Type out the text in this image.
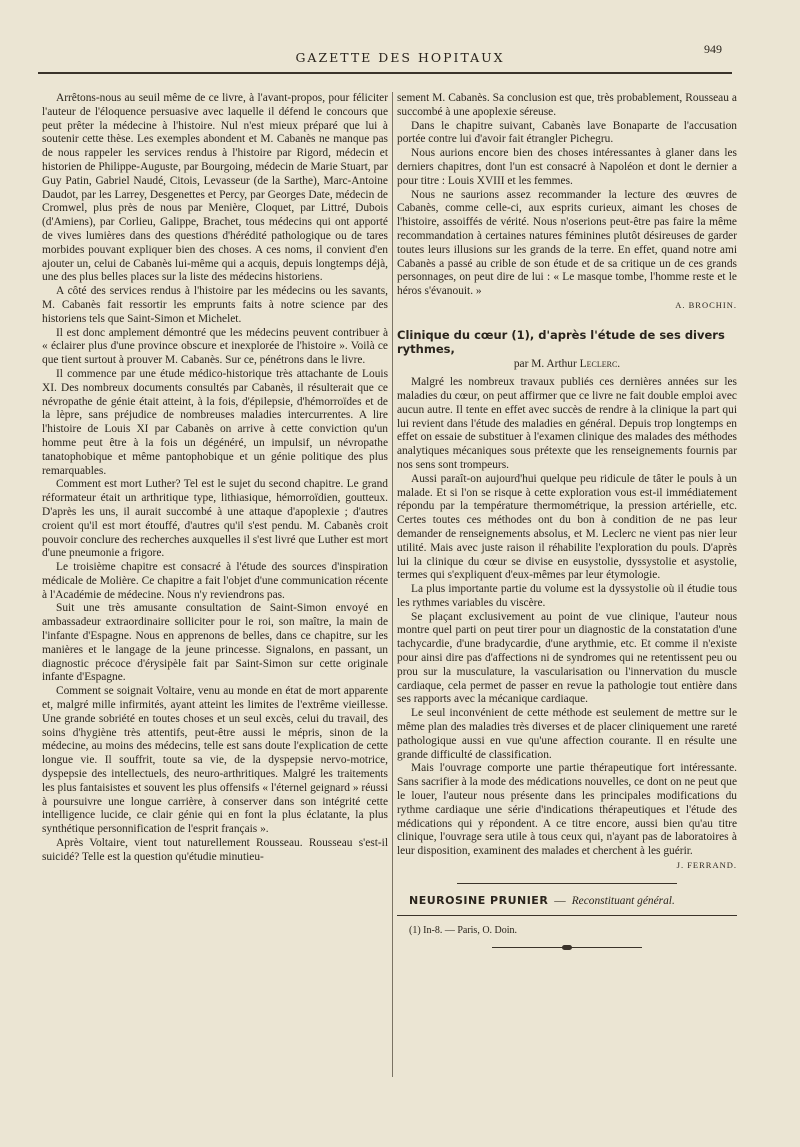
949
GAZETTE DES HOPITAUX

Arrêtons-nous au seuil même de ce livre, à l'avant-propos, pour féliciter l'auteur de l'éloquence persuasive avec laquelle il défend le concours que peut prêter la médecine à l'histoire. Nul n'est mieux préparé que lui à soutenir cette thèse. Les exemples abondent et M. Cabanès ne manque pas de nous rappeler les services rendus à l'histoire par Rigord, médecin et historien de Philippe-Auguste, par Bourgoing, médecin de Marie Stuart, par Guy Patin, Gabriel Naudé, Citois, Levasseur (de la Sarthe), Marc-Antoine Daudot, par les Larrey, Desgenettes et Percy, par Georges Date, médecin de Cromwel, plus près de nous par Menière, Cloquet, par Littré, Dubois (d'Amiens), par Corlieu, Galippe, Brachet, tous médecins qui ont apporté de vives lumières dans des questions d'hérédité pathologique ou de tares morbides pouvant expliquer bien des choses. A ces noms, il convient d'en ajouter un, celui de Cabanès lui-même qui a acquis, depuis longtemps déjà, une des plus belles places sur la liste des médecins historiens.

A côté des services rendus à l'histoire par les médecins ou les savants, M. Cabanès fait ressortir les emprunts faits à notre science par des historiens tels que Saint-Simon et Michelet.

Il est donc amplement démontré que les médecins peuvent contribuer à « éclairer plus d'une province obscure et inexplorée de l'histoire ». Voilà ce que tient surtout à prouver M. Cabanès. Sur ce, pénétrons dans le livre.

Il commence par une étude médico-historique très attachante de Louis XI. Des nombreux documents consultés par Cabanès, il résulterait que ce névropathe de génie était atteint, à la fois, d'épilepsie, d'hémorroïdes et de la lèpre, sans préjudice de nombreuses maladies intercurrentes. A lire l'histoire de Louis XI par Cabanès on arrive à cette conviction qu'un homme peut être à la fois un dégénéré, un impulsif, un névropathe tanatophobique et même pantophobique et un génie politique des plus remarquables.

Comment est mort Luther? Tel est le sujet du second chapitre. Le grand réformateur était un arthritique type, lithiasique, hémorroïdien, goutteux. D'après les uns, il aurait succombé à une attaque d'apoplexie ; d'autres croient qu'il est mort étouffé, d'autres qu'il s'est pendu. M. Cabanès croit pouvoir conclure des recherches auxquelles il s'est livré que Luther est mort d'une pneumonie a frigore.

Le troisième chapitre est consacré à l'étude des sources d'inspiration médicale de Molière. Ce chapitre a fait l'objet d'une communication récente à l'Académie de médecine. Nous n'y reviendrons pas.

Suit une très amusante consultation de Saint-Simon envoyé en ambassadeur extraordinaire solliciter pour le roi, son maître, la main de l'infante d'Espagne. Nous en apprenons de belles, dans ce chapitre, sur les manières et le langage de la jeune princesse. Signalons, en passant, un diagnostic précoce d'érysipèle fait par Saint-Simon sur cette originale infante d'Espagne.

Comment se soignait Voltaire, venu au monde en état de mort apparente et, malgré mille infirmités, ayant atteint les limites de l'extrême vieillesse. Une grande sobriété en toutes choses et un seul excès, celui du travail, des soins d'hygiène très attentifs, peut-être aussi le mépris, sinon de la médecine, au moins des médecins, telle est sans doute l'explication de cette longue vie. Il souffrit, toute sa vie, de la dyspepsie nervo-motrice, dyspepsie des intellectuels, des neuro-arthritiques. Malgré les traitements les plus fantaisistes et souvent les plus offensifs « l'éternel geignard » réussi à poursuivre une longue carrière, à conserver dans son intégrité cette intelligence lucide, ce clair génie qui en font la plus éclatante, la plus synthétique personnification de l'esprit français ».

Après Voltaire, vient tout naturellement Rousseau. Rousseau s'est-il suicidé? Telle est la question qu'étudie minutieu-

sement M. Cabanès. Sa conclusion est que, très probablement, Rousseau a succombé à une apoplexie séreuse.

Dans le chapitre suivant, Cabanès lave Bonaparte de l'accusation portée contre lui d'avoir fait étrangler Pichegru.

Nous aurions encore bien des choses intéressantes à glaner dans les derniers chapitres, dont l'un est consacré à Napoléon et dont le dernier a pour titre : Louis XVIII et les femmes.

Nous ne saurions assez recommander la lecture des œuvres de Cabanès, comme celle-ci, aux esprits curieux, aimant les choses de l'histoire, assoiffés de vérité. Nous n'oserions peut-être pas faire la même recommandation à certaines natures féminines plutôt désireuses de garder toutes leurs illusions sur les grands de la terre. En effet, quand notre ami Cabanès a passé au crible de son étude et de sa critique un de ces grands personnages, on peut dire de lui : « Le masque tombe, l'homme reste et le héros s'évanouit. »

A. BROCHIN.
Clinique du cœur (1), d'après l'étude de ses divers rythmes,
par M. Arthur Leclerc.

Malgré les nombreux travaux publiés ces dernières années sur les maladies du cœur, on peut affirmer que ce livre ne fait double emploi avec aucun autre. Il tente en effet avec succès de rendre à la clinique la part qui lui revient dans l'étude des maladies en général. Depuis trop longtemps en effet on essaie de substituer à l'examen clinique des malades des méthodes analytiques mécaniques sous prétexte que les renseignements fournis par nos sens sont trompeurs.

Aussi paraît-on aujourd'hui quelque peu ridicule de tâter le pouls à un malade. Et si l'on se risque à cette exploration vous est-il immédiatement répondu par la température thermométrique, la pression artérielle, etc. Certes toutes ces méthodes ont du bon à condition de ne pas leur demander de renseignements absolus, et M. Leclerc ne vient pas nier leur utilité. Mais avec juste raison il réhabilite l'exploration du pouls. D'après lui la clinique du cœur se divise en eusystolie, dyssystolie et asystolie, termes qui s'expliquent d'eux-mêmes par leur étymologie.

La plus importante partie du volume est la dyssystolie où il étudie tous les rythmes variables du viscère.

Se plaçant exclusivement au point de vue clinique, l'auteur nous montre quel parti on peut tirer pour un diagnostic de la constatation d'une tachycardie, d'une bradycardie, d'une arythmie, etc. Et comme il n'existe pour ainsi dire pas d'affections ni de syndromes qui ne retentissent peu ou prou sur la musculature, la vascularisation ou l'innervation du muscle cardiaque, cela permet de passer en revue la pathologie tout entière dans ses rapports avec la mécanique cardiaque.

Le seul inconvénient de cette méthode est seulement de mettre sur le même plan des maladies très diverses et de placer cliniquement une rareté pathologique aussi en vue qu'une affection courante. Il en résulte une grande difficulté de classification.

Mais l'ouvrage comporte une partie thérapeutique fort intéressante. Sans sacrifier à la mode des médications nouvelles, ce dont on ne peut que le louer, l'auteur nous présente dans les principales modifications du rythme cardiaque une série d'indications thérapeutiques et l'étude des médications qui y répondent. A ce titre encore, aussi bien qu'au titre clinique, l'ouvrage sera utile à tous ceux qui, n'ayant pas de laboratoires à leur disposition, examinent des malades et cherchent à les guérir.

J. FERRAND.
NEUROSINE PRUNIER — Reconstituant général.

(1) In-8. — Paris, O. Doin.
